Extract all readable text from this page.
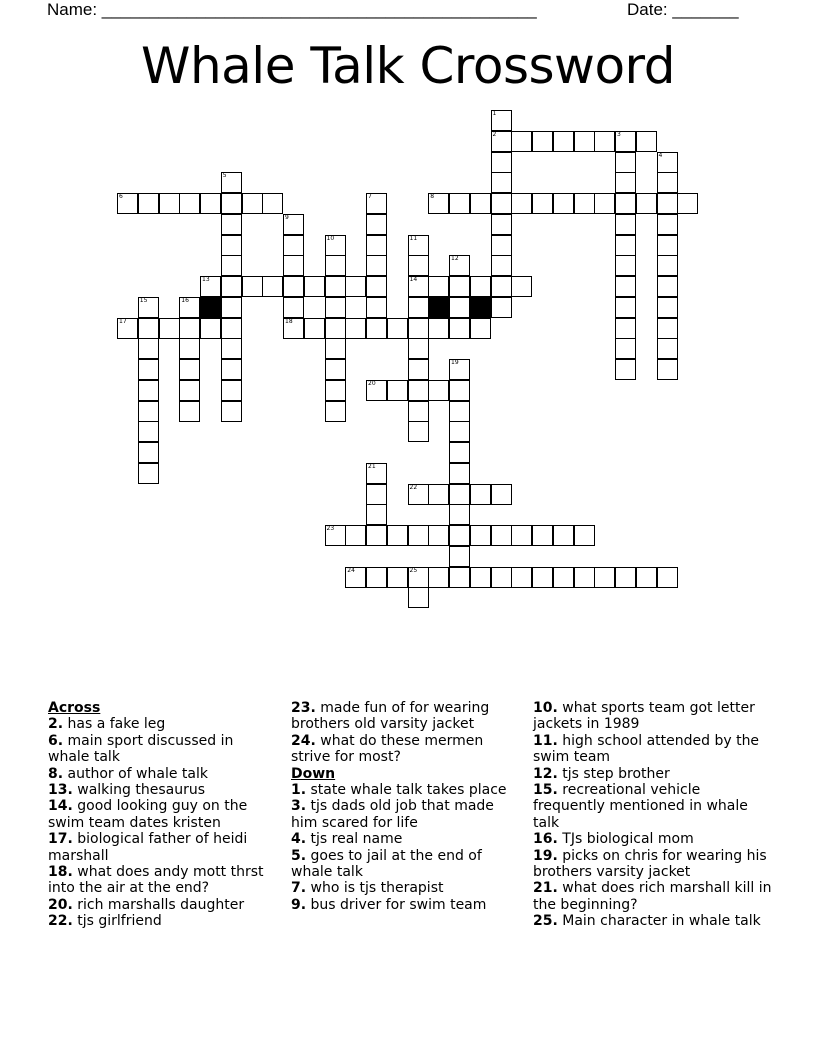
Name: ______________________________________________	Date: _______
Whale Talk Crossword
2	3
6	8
13	14
17	18
20
22
23
24	25
1
4
5
7
9
10	11
12
15	16
19
21
Across
2. has a fake leg
6. main sport discussed in whale talk
8. author of whale talk
13. walking thesaurus
14. good looking guy on the swim team dates kristen
17. biological father of heidi marshall
18. what does andy mott thrst into the air at the end?
20. rich marshalls daughter
22. tjs girlfriend
23. made fun of for wearing brothers old varsity jacket
24. what do these mermen strive for most?
Down
1. state whale talk takes place
3. tjs dads old job that made him scared for life
4. tjs real name
5. goes to jail at the end of whale talk
7. who is tjs therapist
9. bus driver for swim team
10. what sports team got letter jackets in 1989
11. high school attended by the swim team
12. tjs step brother
15. recreational vehicle frequently mentioned in whale talk
16. TJs biological mom
19. picks on chris for wearing his brothers varsity jacket
21. what does rich marshall kill in the beginning?
25. Main character in whale talk
